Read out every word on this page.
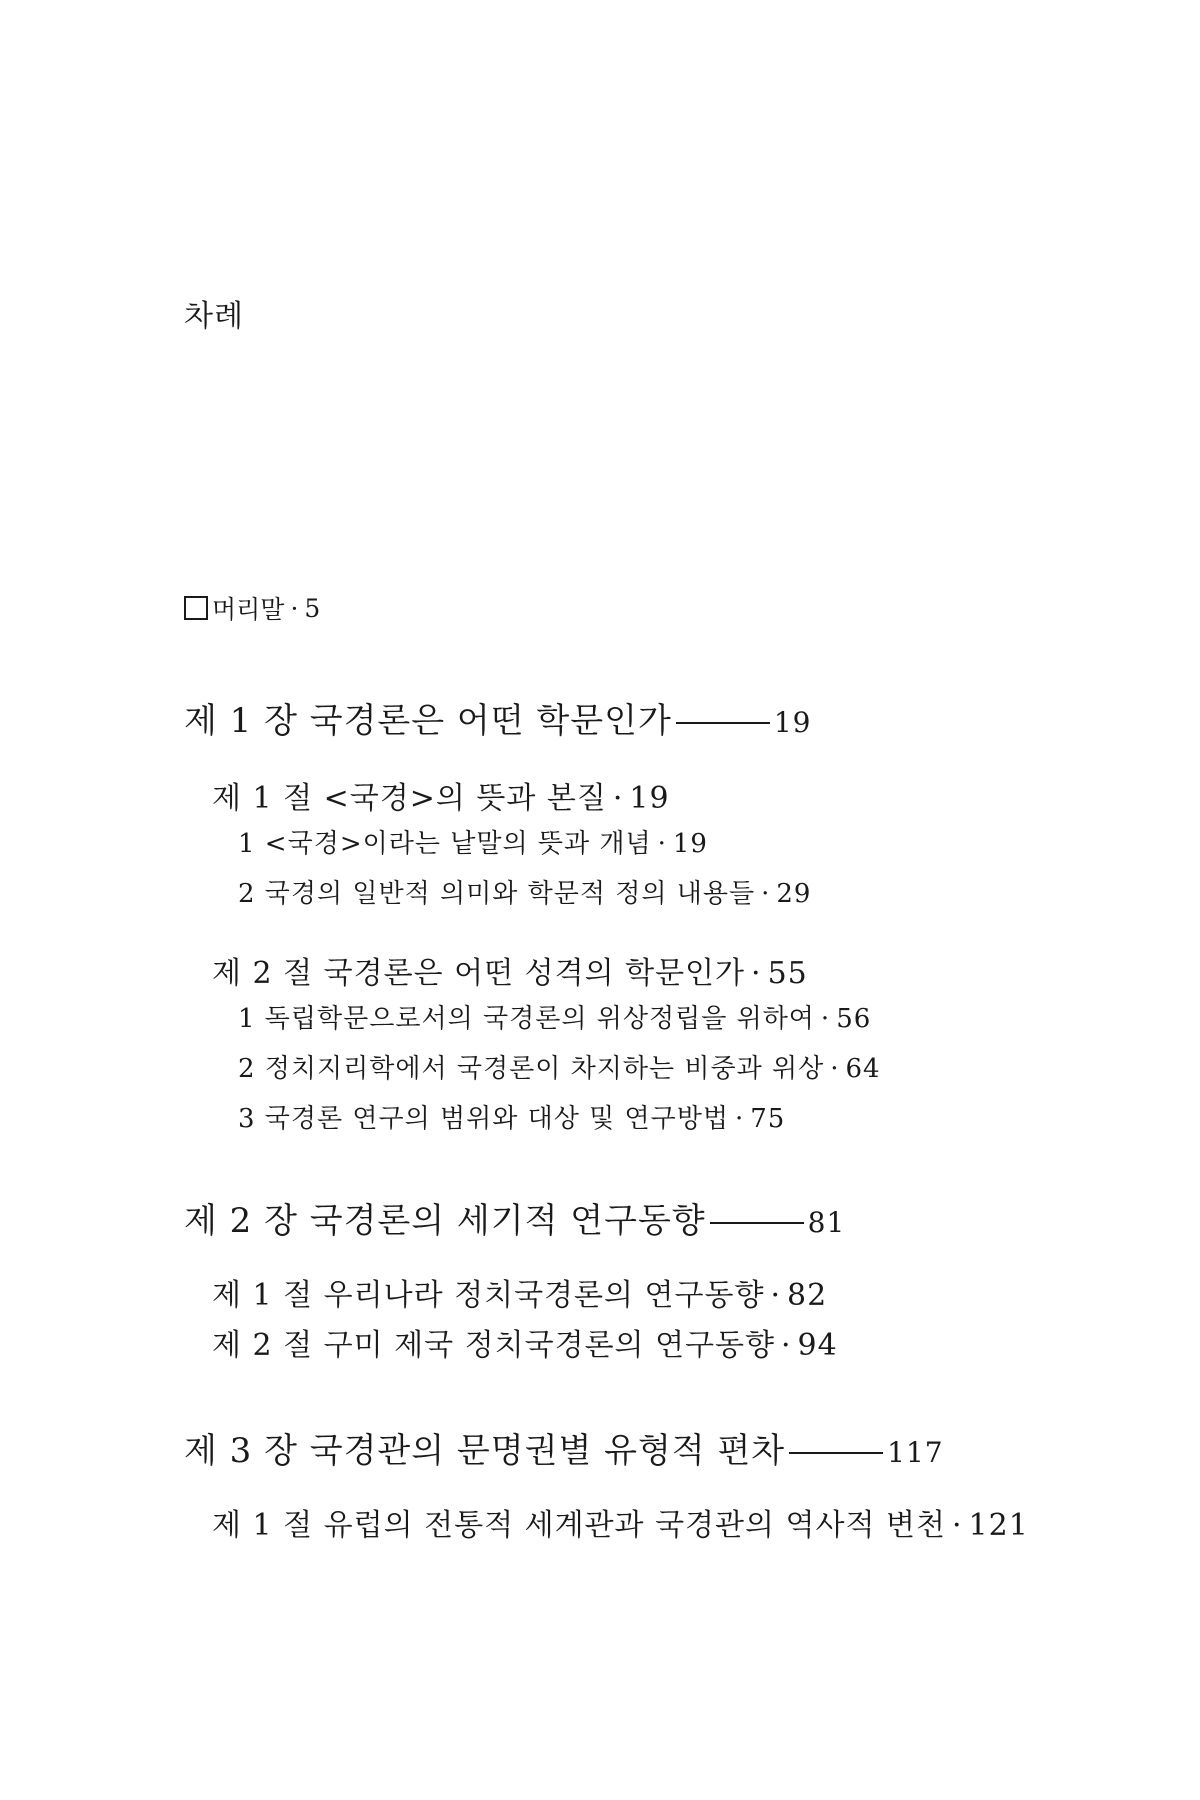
차례
머리말 · 5
제 1 장 국경론은 어떤 학문인가	19
제 1 절 <국경>의 뜻과 본질 · 19
1 <국경>이라는 낱말의 뜻과 개념 · 19
2 국경의 일반적 의미와 학문적 정의 내용들 · 29
제 2 절 국경론은 어떤 성격의 학문인가 · 55
1 독립학문으로서의 국경론의 위상정립을 위하여 · 56
2 정치지리학에서 국경론이 차지하는 비중과 위상 · 64
3 국경론 연구의 범위와 대상 및 연구방법 · 75
제 2 장 국경론의 세기적 연구동향	81
제 1 절 우리나라 정치국경론의 연구동향 · 82
제 2 절 구미 제국 정치국경론의 연구동향 · 94
제 3 장 국경관의 문명권별 유형적 편차	117
제 1 절 유럽의 전통적 세계관과 국경관의 역사적 변천 · 121
